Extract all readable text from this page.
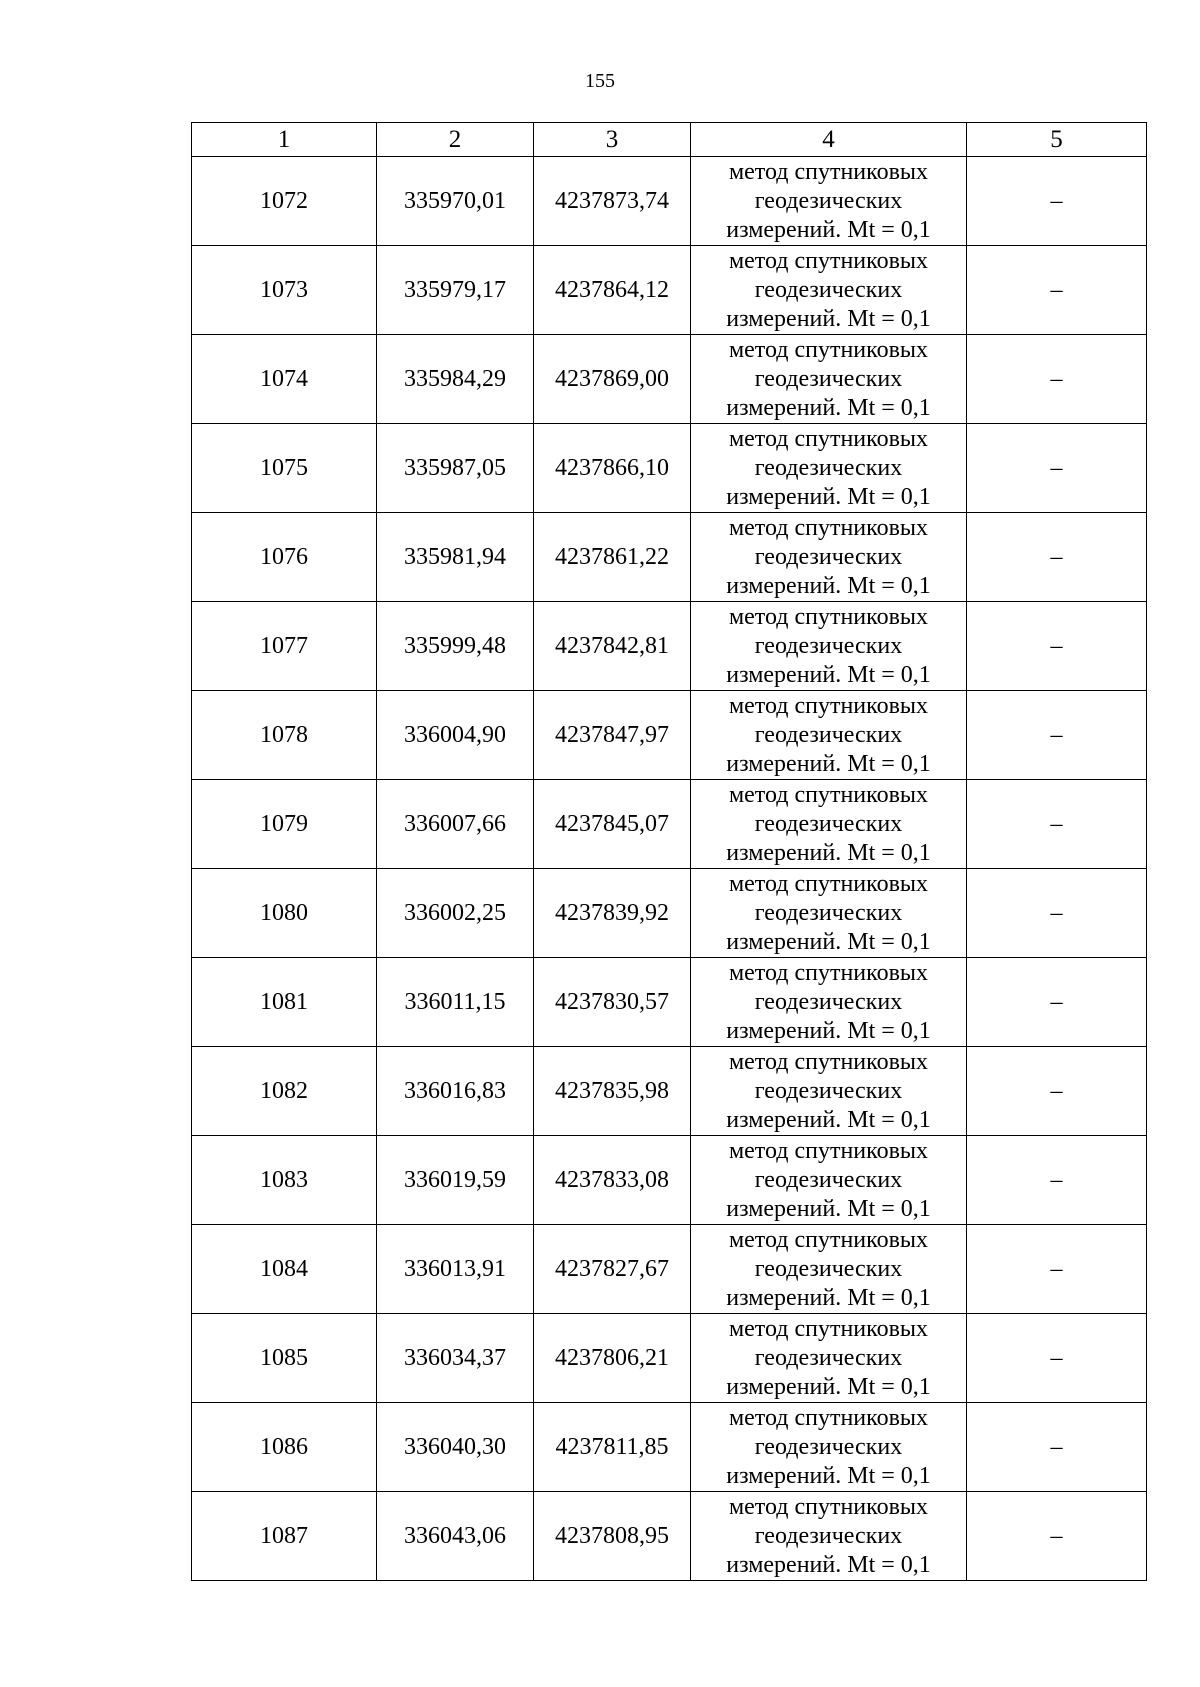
155
1	2	3	4	5
1072	335970,01	4237873,74	метод спутниковых
геодезических
измерений. Mt = 0,1	–
1073	335979,17	4237864,12	метод спутниковых
геодезических
измерений. Mt = 0,1	–
1074	335984,29	4237869,00	метод спутниковых
геодезических
измерений. Mt = 0,1	–
1075	335987,05	4237866,10	метод спутниковых
геодезических
измерений. Mt = 0,1	–
1076	335981,94	4237861,22	метод спутниковых
геодезических
измерений. Mt = 0,1	–
1077	335999,48	4237842,81	метод спутниковых
геодезических
измерений. Mt = 0,1	–
1078	336004,90	4237847,97	метод спутниковых
геодезических
измерений. Mt = 0,1	–
1079	336007,66	4237845,07	метод спутниковых
геодезических
измерений. Mt = 0,1	–
1080	336002,25	4237839,92	метод спутниковых
геодезических
измерений. Mt = 0,1	–
1081	336011,15	4237830,57	метод спутниковых
геодезических
измерений. Mt = 0,1	–
1082	336016,83	4237835,98	метод спутниковых
геодезических
измерений. Mt = 0,1	–
1083	336019,59	4237833,08	метод спутниковых
геодезических
измерений. Mt = 0,1	–
1084	336013,91	4237827,67	метод спутниковых
геодезических
измерений. Mt = 0,1	–
1085	336034,37	4237806,21	метод спутниковых
геодезических
измерений. Mt = 0,1	–
1086	336040,30	4237811,85	метод спутниковых
геодезических
измерений. Mt = 0,1	–
1087	336043,06	4237808,95	метод спутниковых
геодезических
измерений. Mt = 0,1	–
